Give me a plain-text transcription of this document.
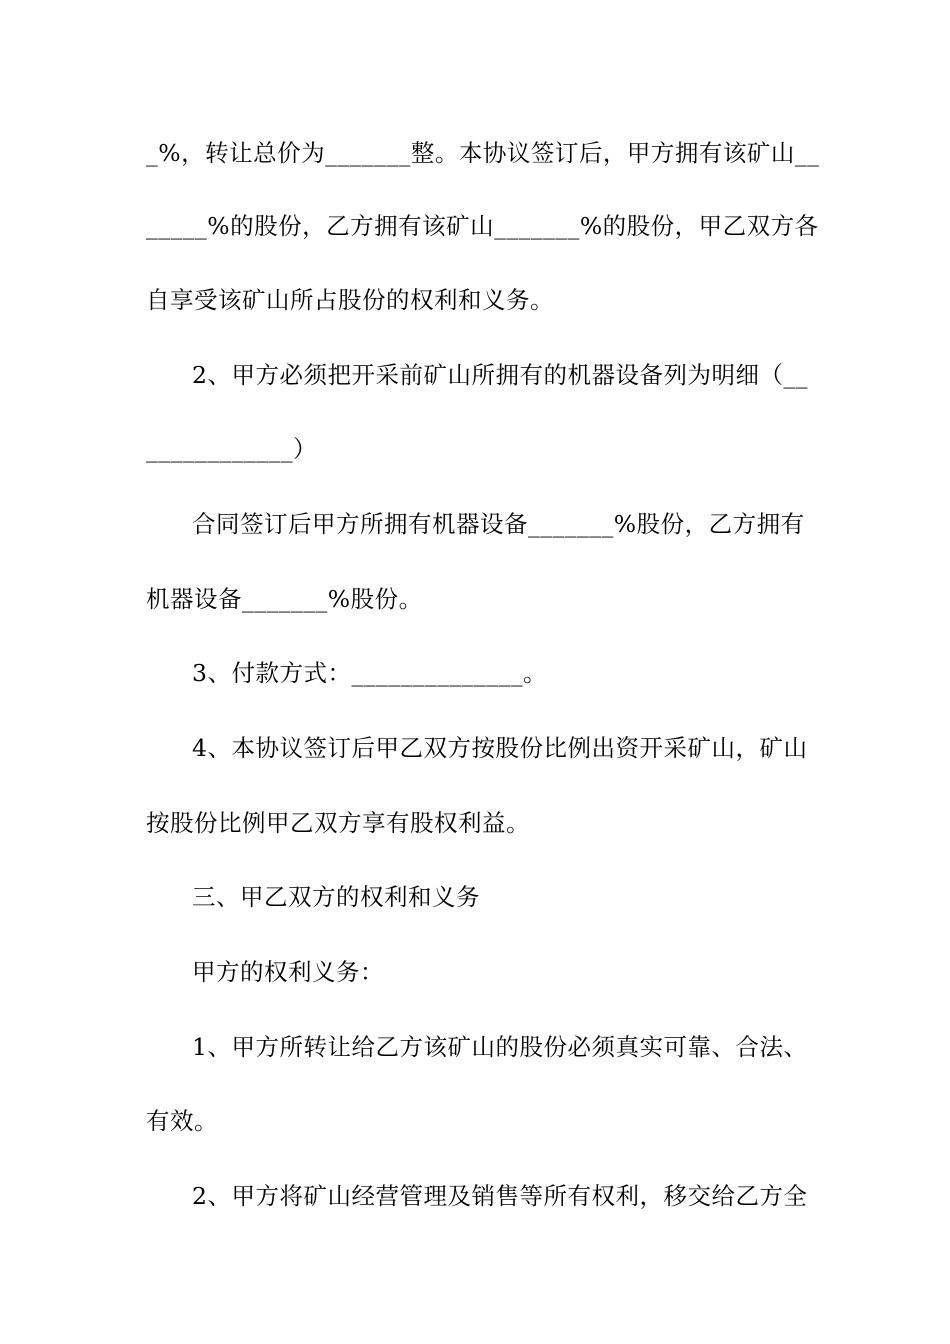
_%，转让总价为_______整。本协议签订后，甲方拥有该矿山__
_____%的股份，乙方拥有该矿山_______%的股份，甲乙双方各
自享受该矿山所占股份的权利和义务。
2、甲方必须把开采前矿山所拥有的机器设备列为明细（__
____________）
合同签订后甲方所拥有机器设备_______%股份，乙方拥有
机器设备_______%股份。
3、付款方式：______________。
4、本协议签订后甲乙双方按股份比例出资开采矿山，矿山
按股份比例甲乙双方享有股权利益。
三、甲乙双方的权利和义务
甲方的权利义务：
1、甲方所转让给乙方该矿山的股份必须真实可靠、合法、
有效。
2、甲方将矿山经营管理及销售等所有权利，移交给乙方全
